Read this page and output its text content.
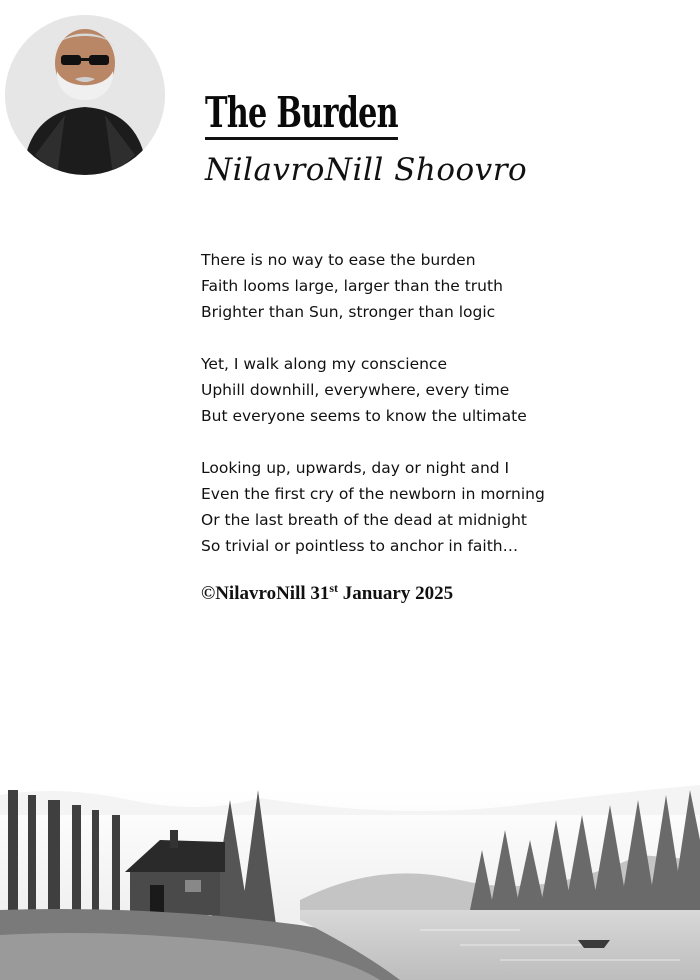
The Burden
NilavroNill Shoovro
There is no way to ease the burden
Faith looms large, larger than the truth
Brighter than Sun, stronger than logic
Yet, I walk along my conscience
Uphill downhill, everywhere, every time
But everyone seems to know the ultimate
Looking up, upwards, day or night and I
Even the first cry of the newborn in morning
Or the last breath of the dead at midnight
So trivial or pointless to anchor in faith…
©NilavroNill 31st January 2025
